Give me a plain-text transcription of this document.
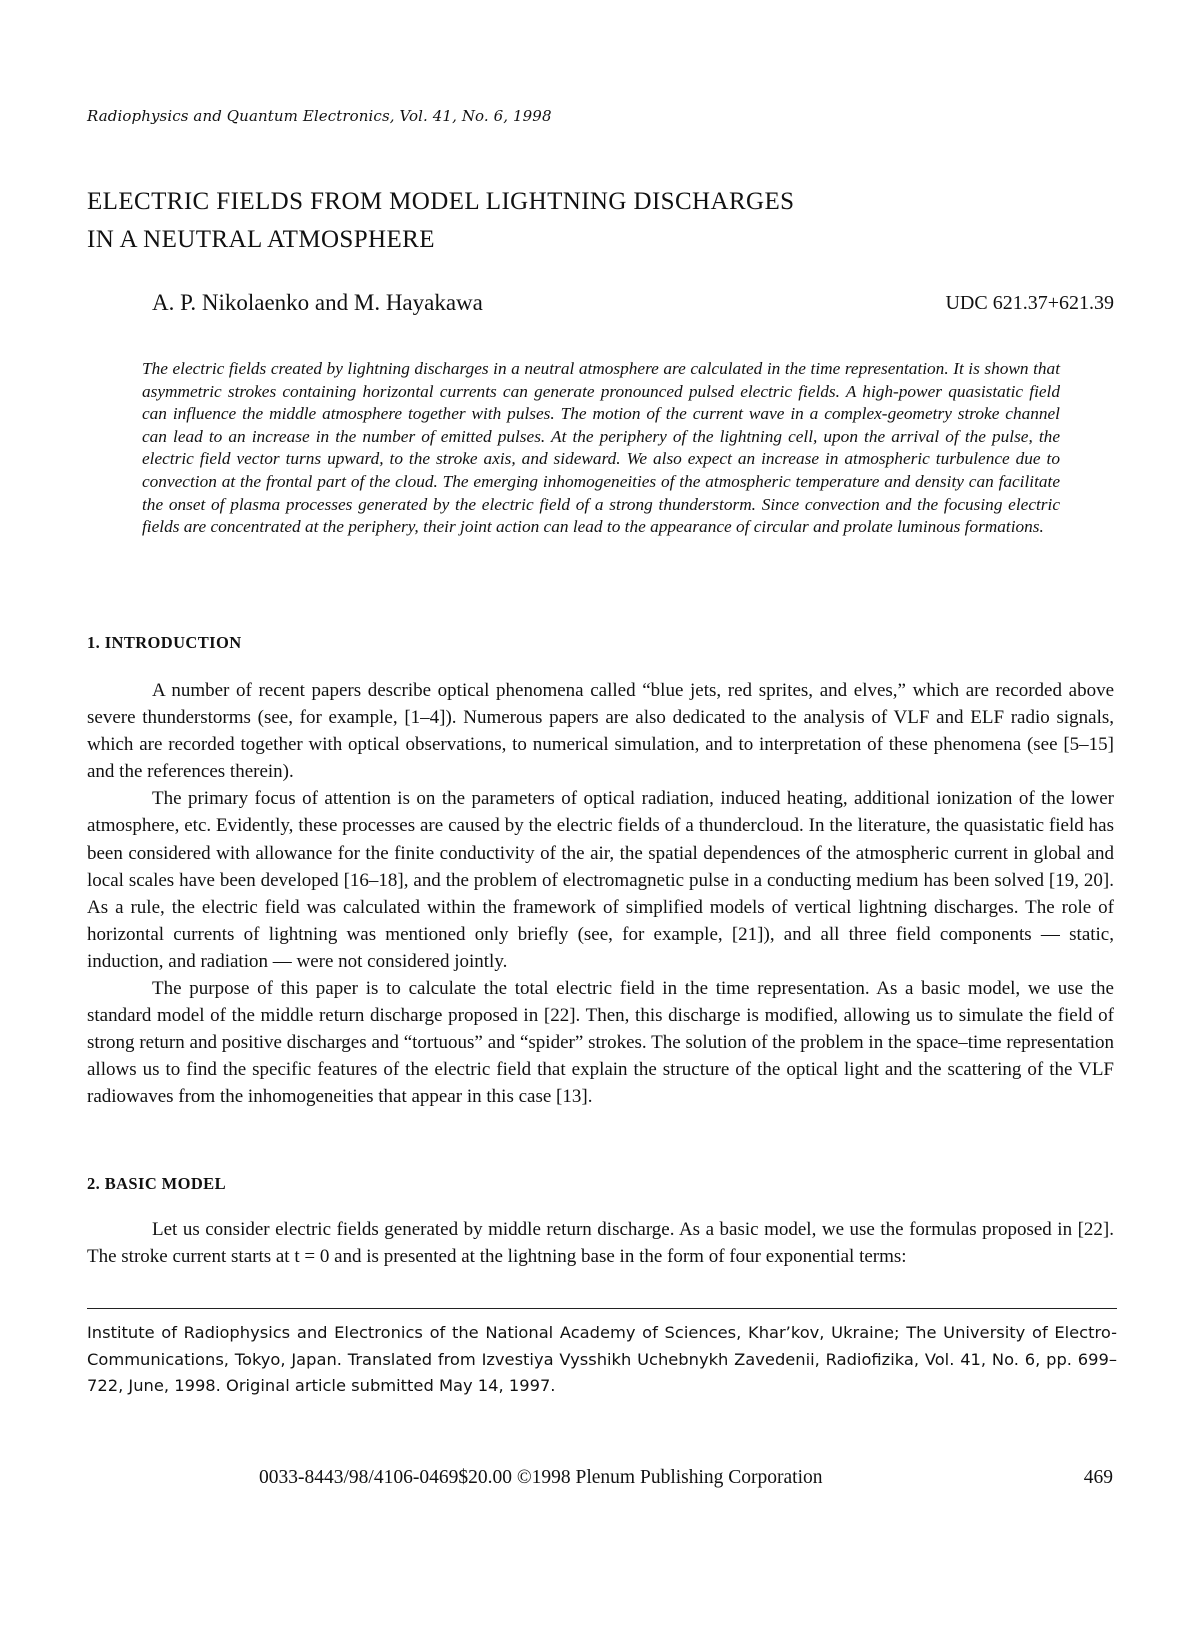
Radiophysics and Quantum Electronics, Vol. 41, No. 6, 1998
ELECTRIC FIELDS FROM MODEL LIGHTNING DISCHARGES
IN A NEUTRAL ATMOSPHERE
A. P. Nikolaenko and M. Hayakawa	UDC 621.37+621.39
The electric fields created by lightning discharges in a neutral atmosphere are calculated in the time representation. It is shown that asymmetric strokes containing horizontal currents can generate pronounced pulsed electric fields. A high-power quasistatic field can influence the middle atmosphere together with pulses. The motion of the current wave in a complex-geometry stroke channel can lead to an increase in the number of emitted pulses. At the periphery of the lightning cell, upon the arrival of the pulse, the electric field vector turns upward, to the stroke axis, and sideward. We also expect an increase in atmospheric turbulence due to convection at the frontal part of the cloud. The emerging inhomogeneities of the atmospheric temperature and density can facilitate the onset of plasma processes generated by the electric field of a strong thunderstorm. Since convection and the focusing electric fields are concentrated at the periphery, their joint action can lead to the appearance of circular and prolate luminous formations.
1. INTRODUCTION

A number of recent papers describe optical phenomena called “blue jets, red sprites, and elves,” which are recorded above severe thunderstorms (see, for example, [1–4]). Numerous papers are also dedicated to the analysis of VLF and ELF radio signals, which are recorded together with optical observations, to numerical simulation, and to interpretation of these phenomena (see [5–15] and the references therein).

The primary focus of attention is on the parameters of optical radiation, induced heating, additional ionization of the lower atmosphere, etc. Evidently, these processes are caused by the electric fields of a thundercloud. In the literature, the quasistatic field has been considered with allowance for the finite conductivity of the air, the spatial dependences of the atmospheric current in global and local scales have been developed [16–18], and the problem of electromagnetic pulse in a conducting medium has been solved [19, 20]. As a rule, the electric field was calculated within the framework of simplified models of vertical lightning discharges. The role of horizontal currents of lightning was mentioned only briefly (see, for example, [21]), and all three field components — static, induction, and radiation — were not considered jointly.

The purpose of this paper is to calculate the total electric field in the time representation. As a basic model, we use the standard model of the middle return discharge proposed in [22]. Then, this discharge is modified, allowing us to simulate the field of strong return and positive discharges and “tortuous” and “spider” strokes. The solution of the problem in the space–time representation allows us to find the specific features of the electric field that explain the structure of the optical light and the scattering of the VLF radiowaves from the inhomogeneities that appear in this case [13].

2. BASIC MODEL

Let us consider electric fields generated by middle return discharge. As a basic model, we use the formulas proposed in [22]. The stroke current starts at t = 0 and is presented at the lightning base in the form of four exponential terms:

Institute of Radiophysics and Electronics of the National Academy of Sciences, Khar’kov, Ukraine; The University of Electro-Communications, Tokyo, Japan. Translated from Izvestiya Vysshikh Uchebnykh Zavedenii, Radiofizika, Vol. 41, No. 6, pp. 699–722, June, 1998. Original article submitted May 14, 1997.
0033-8443/98/4106-0469$20.00 ©1998 Plenum Publishing Corporation	469
